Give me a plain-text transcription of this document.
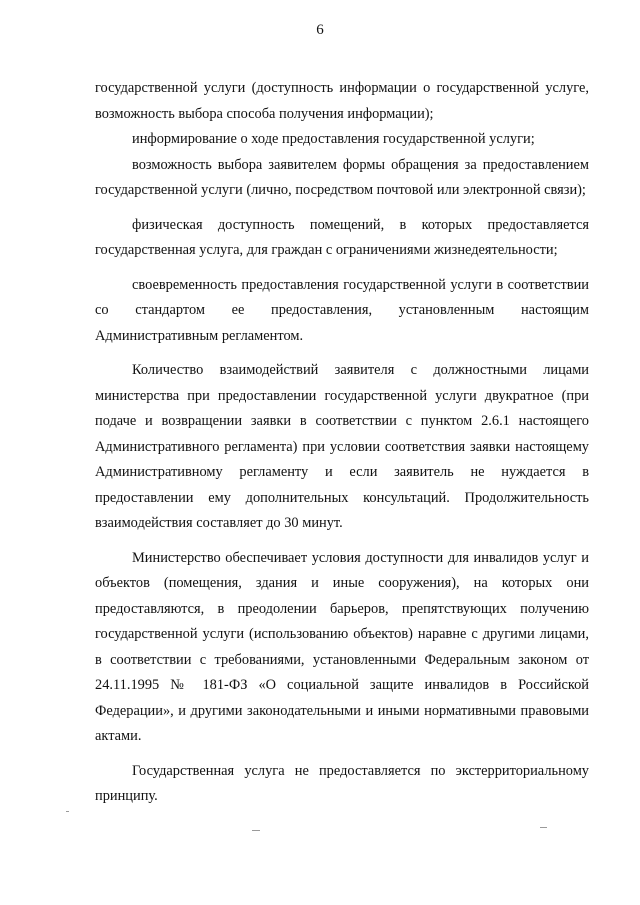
6

государственной услуги (доступность информации о государственной услуге, возможность выбора способа получения информации);

информирование о ходе предоставления государственной услуги;

возможность выбора заявителем формы обращения за предоставлением государственной услуги (лично, посредством почтовой или электронной связи);

физическая доступность помещений, в которых предоставляется государственная услуга, для граждан с ограничениями жизнедеятельности;

своевременность предоставления государственной услуги в соответствии со стандартом ее предоставления, установленным настоящим Административным регламентом.

Количество взаимодействий заявителя с должностными лицами министерства при предоставлении государственной услуги двукратное (при подаче и возвращении заявки в соответствии с пунктом 2.6.1 настоящего Административного регламента) при условии соответствия заявки настоящему Административному регламенту и если заявитель не нуждается в предоставлении ему дополнительных консультаций. Продолжительность взаимодействия составляет до 30 минут.

Министерство обеспечивает условия доступности для инвалидов услуг и объектов (помещения, здания и иные сооружения), на которых они предоставляются, в преодолении барьеров, препятствующих получению государственной услуги (использованию объектов) наравне с другими лицами, в соответствии с требованиями, установленными Федеральным законом от 24.11.1995 № 181-ФЗ «О социальной защите инвалидов в Российской Федерации», и другими законодательными и иными нормативными правовыми актами.

Государственная услуга не предоставляется по экстерриториальному принципу.
